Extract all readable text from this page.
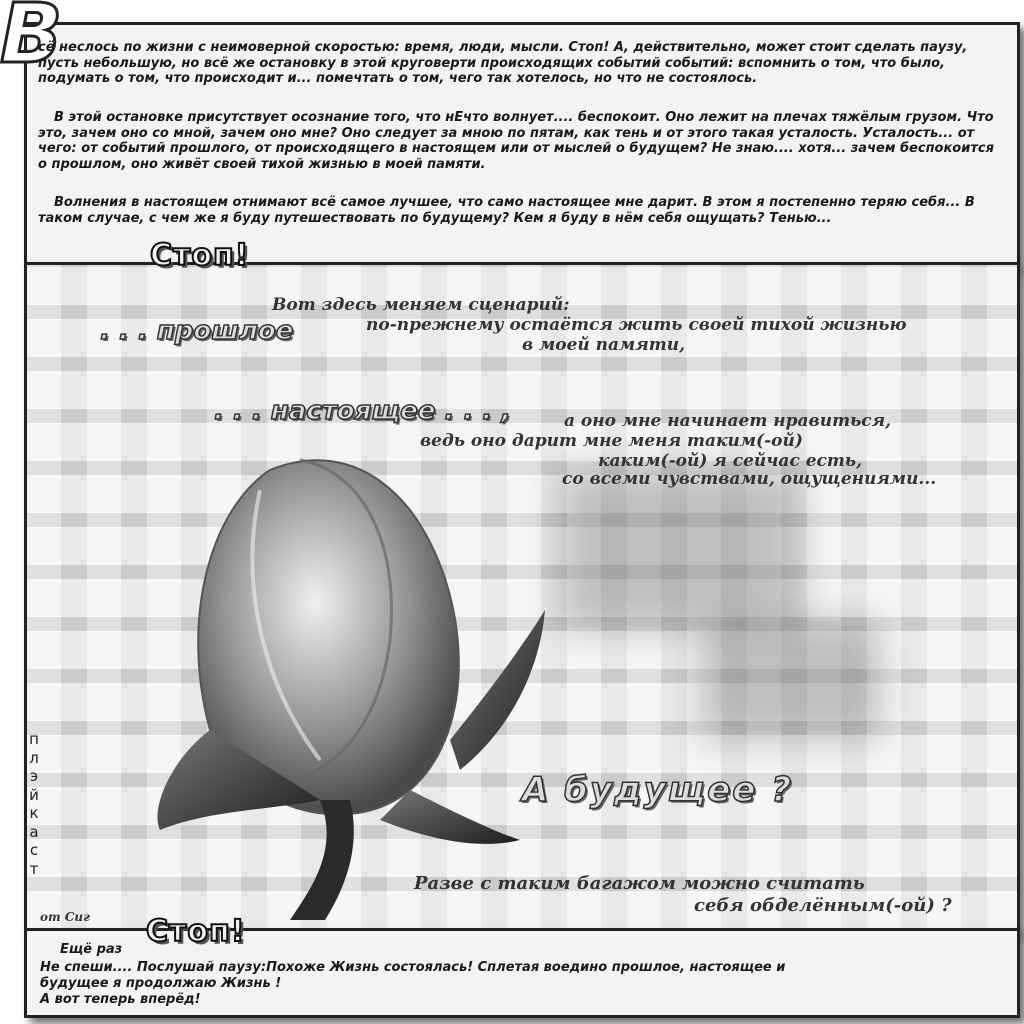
В
сё неслось по жизни с неимоверной скоростью: время, люди, мысли. Стоп! А, действительно, может стоит сделать паузу, пусть небольшую, но всё же остановку в этой круговерти происходящих событий событий: вспомнить о том, что было, подумать о том, что происходит и... помечтать о том, чего так хотелось, но что не состоялось.
В этой остановке присутствует осознание того, что нЕчто волнует.... беспокоит. Оно лежит на плечах тяжёлым грузом. Что это, зачем оно со мной, зачем оно мне? Оно следует за мною по пятам, как тень и от этого такая усталость. Усталость... от чего: от событий прошлого, от происходящего в настоящем или от мыслей о будущем? Не знаю.... хотя... зачем беспокоится о прошлом, оно живёт своей тихой жизнью в моей памяти.
Волнения в настоящем отнимают всё самое лучшее, что само настоящее мне дарит. В этом я постепенно теряю себя... В таком случае, с чем же я буду путешествовать по будущему? Кем я буду в нём себя ощущать? Тенью...
Стоп!
Вот здесь меняем сценарий:
. . . прошлое	по-прежнему остаётся жить своей тихой жизнью
в моей памяти,
. . . настоящее . . . ,	а оно мне начинает нравиться,
ведь оно дарит мне меня таким(-ой)
каким(-ой) я сейчас есть,
со всеми чувствами, ощущениями...
А будущее ?
Разве с таким багажом можно считать
себя обделённым(-ой) ?
п
л
э
й
к
а
с
т
от Сиг Стоп!
Ещё раз
Не спеши.... Послушай паузу:Похоже Жизнь состоялась! Сплетая воедино прошлое, настоящее и
будущее я продолжаю Жизнь !
А вот теперь вперёд!
